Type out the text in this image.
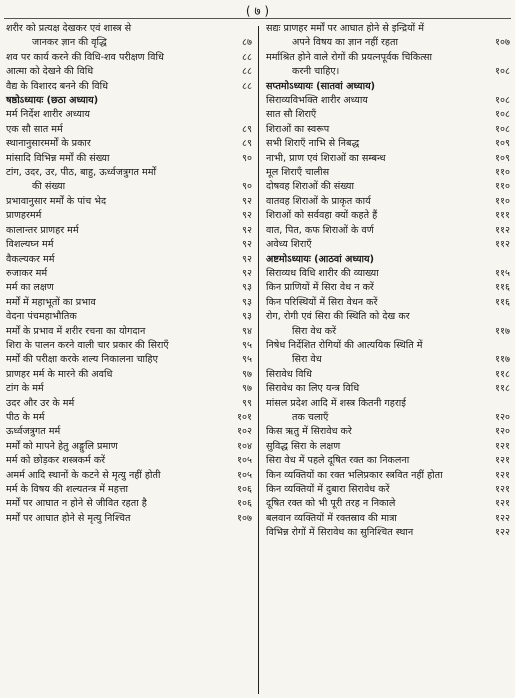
( ७ )
शरीर को प्रत्यक्ष देखकर एवं शास्त्र से
जानकर ज्ञान की वृद्धि	८७
शव पर कार्य करने की विधि-शव परीक्षण विधि	८८
आत्मा को देखने की विधि	८८
वैद्य के विशारद बनने की विधि	८८
षष्ठोऽध्यायः (छठा अध्याय)
मर्म निर्देश शारीर अध्याय
एक सौ सात मर्म	८९
स्थानानुसारमर्मों के प्रकार	८९
मांसादि विभिन्न मर्मों की संख्या	९०
टांग, उदर, उर, पीठ, बाहु, ऊर्ध्वजत्रुगत मर्मों
की संख्या	९०
प्रभावानुसार मर्मों के पांच भेद	९२
प्राणहरमर्म	९२
कालान्तर प्राणहर मर्म	९२
विशल्यघ्न मर्म	९२
वैकल्यकर मर्म	९२
रुजाकर मर्म	९२
मर्म का लक्षण	९३
मर्मों में महाभूतों का प्रभाव	९३
वेदना पंचमहाभौतिक	९३
मर्मों के प्रभाव में शरीर रचना का योगदान	९४
शिरा के पालन करने वाली चार प्रकार की सिराएँ	९५
मर्मों की परीक्षा करके शल्य निकालना चाहिए	९५
प्राणहर मर्म के मारने की अवधि	९७
टांग के मर्म	९७
उदर और उर के मर्म	९९
पीठ के मर्म	१०१
ऊर्ध्वजत्रुगत मर्म	१०२
मर्मों को मापने हेतु अङ्गुलि प्रमाण	१०४
मर्म को छोड़कर शस्त्रकर्म करें	१०५
अमर्म आदि स्थानों के कटने से मृत्यु नहीं होती	१०५
मर्म के विषय की शल्यतन्त्र में महत्ता	१०६
मर्मों पर आघात न होने से जीवित रहता है	१०६
मर्मों पर आघात होने से मृत्यु निश्चित	१०७
सद्यः प्राणहर मर्मों पर आघात होने से इन्द्रियों में
अपने विषय का ज्ञान नहीं रहता	१०७
मर्माश्रित होने वाले रोगों की प्रयत्नपूर्वक चिकित्सा
करनी चाहिए।	१०८
सप्तमोऽध्यायः (सातवां अध्याय)
सिराव्यविभक्ति शारीर अध्याय	१०८
सात सौ शिराएँ	१०८
शिराओं का स्वरूप	१०८
सभी शिराएँ नाभि से निबद्ध	१०९
नाभी, प्राण एवं शिराओं का सम्बन्ध	१०९
मूल शिराएँ चालीस	११०
दोषवह शिराओं की संख्या	११०
वातवह शिराओं के प्राकृत कार्य	११०
शिराओं को सर्ववहा क्यों कहते हैं	१११
वात, पित, कफ शिराओं के वर्ण	११२
अवेध्य शिराएँ	११२
अष्टमोऽध्यायः (आठवां अध्याय)
सिराव्यध विधि शारीर की व्याख्या	११५
किन प्राणियों में सिरा वेध न करें	११६
किन परिस्थियों में सिरा वेधन करें	११६
रोग, रोगी एवं सिरा की स्थिति को देख कर
सिरा वेध करें	११७
निषेध निर्देशित रोगियों की आत्ययिक स्थिति में
सिरा वेध	११७
सिरावेध विधि	११८
सिरावेध का लिए यन्त्र विधि	११८
मांसल प्रदेश आदि में शस्त्र कितनी गहराई
तक चलाएँ	१२०
किस ऋतु में सिरावेध करे	१२०
सुविद्ध सिरा के लक्षण	१२१
सिरा वेध में पहले दूषित रक्त का निकलना	१२१
किन व्यक्तियों का रक्त भलिप्रकार स्त्रवित नहीं होता	१२१
किन व्यक्तियों में दुबारा सिरावेध करें	१२१
दूषित रक्त को भी पूरी तरह न निकाले	१२१
बलवान व्यक्तियों में रक्तस्राव की मात्रा	१२२
विभिन्न रोगों में सिरावेध का सुनिश्चित स्थान	१२२
